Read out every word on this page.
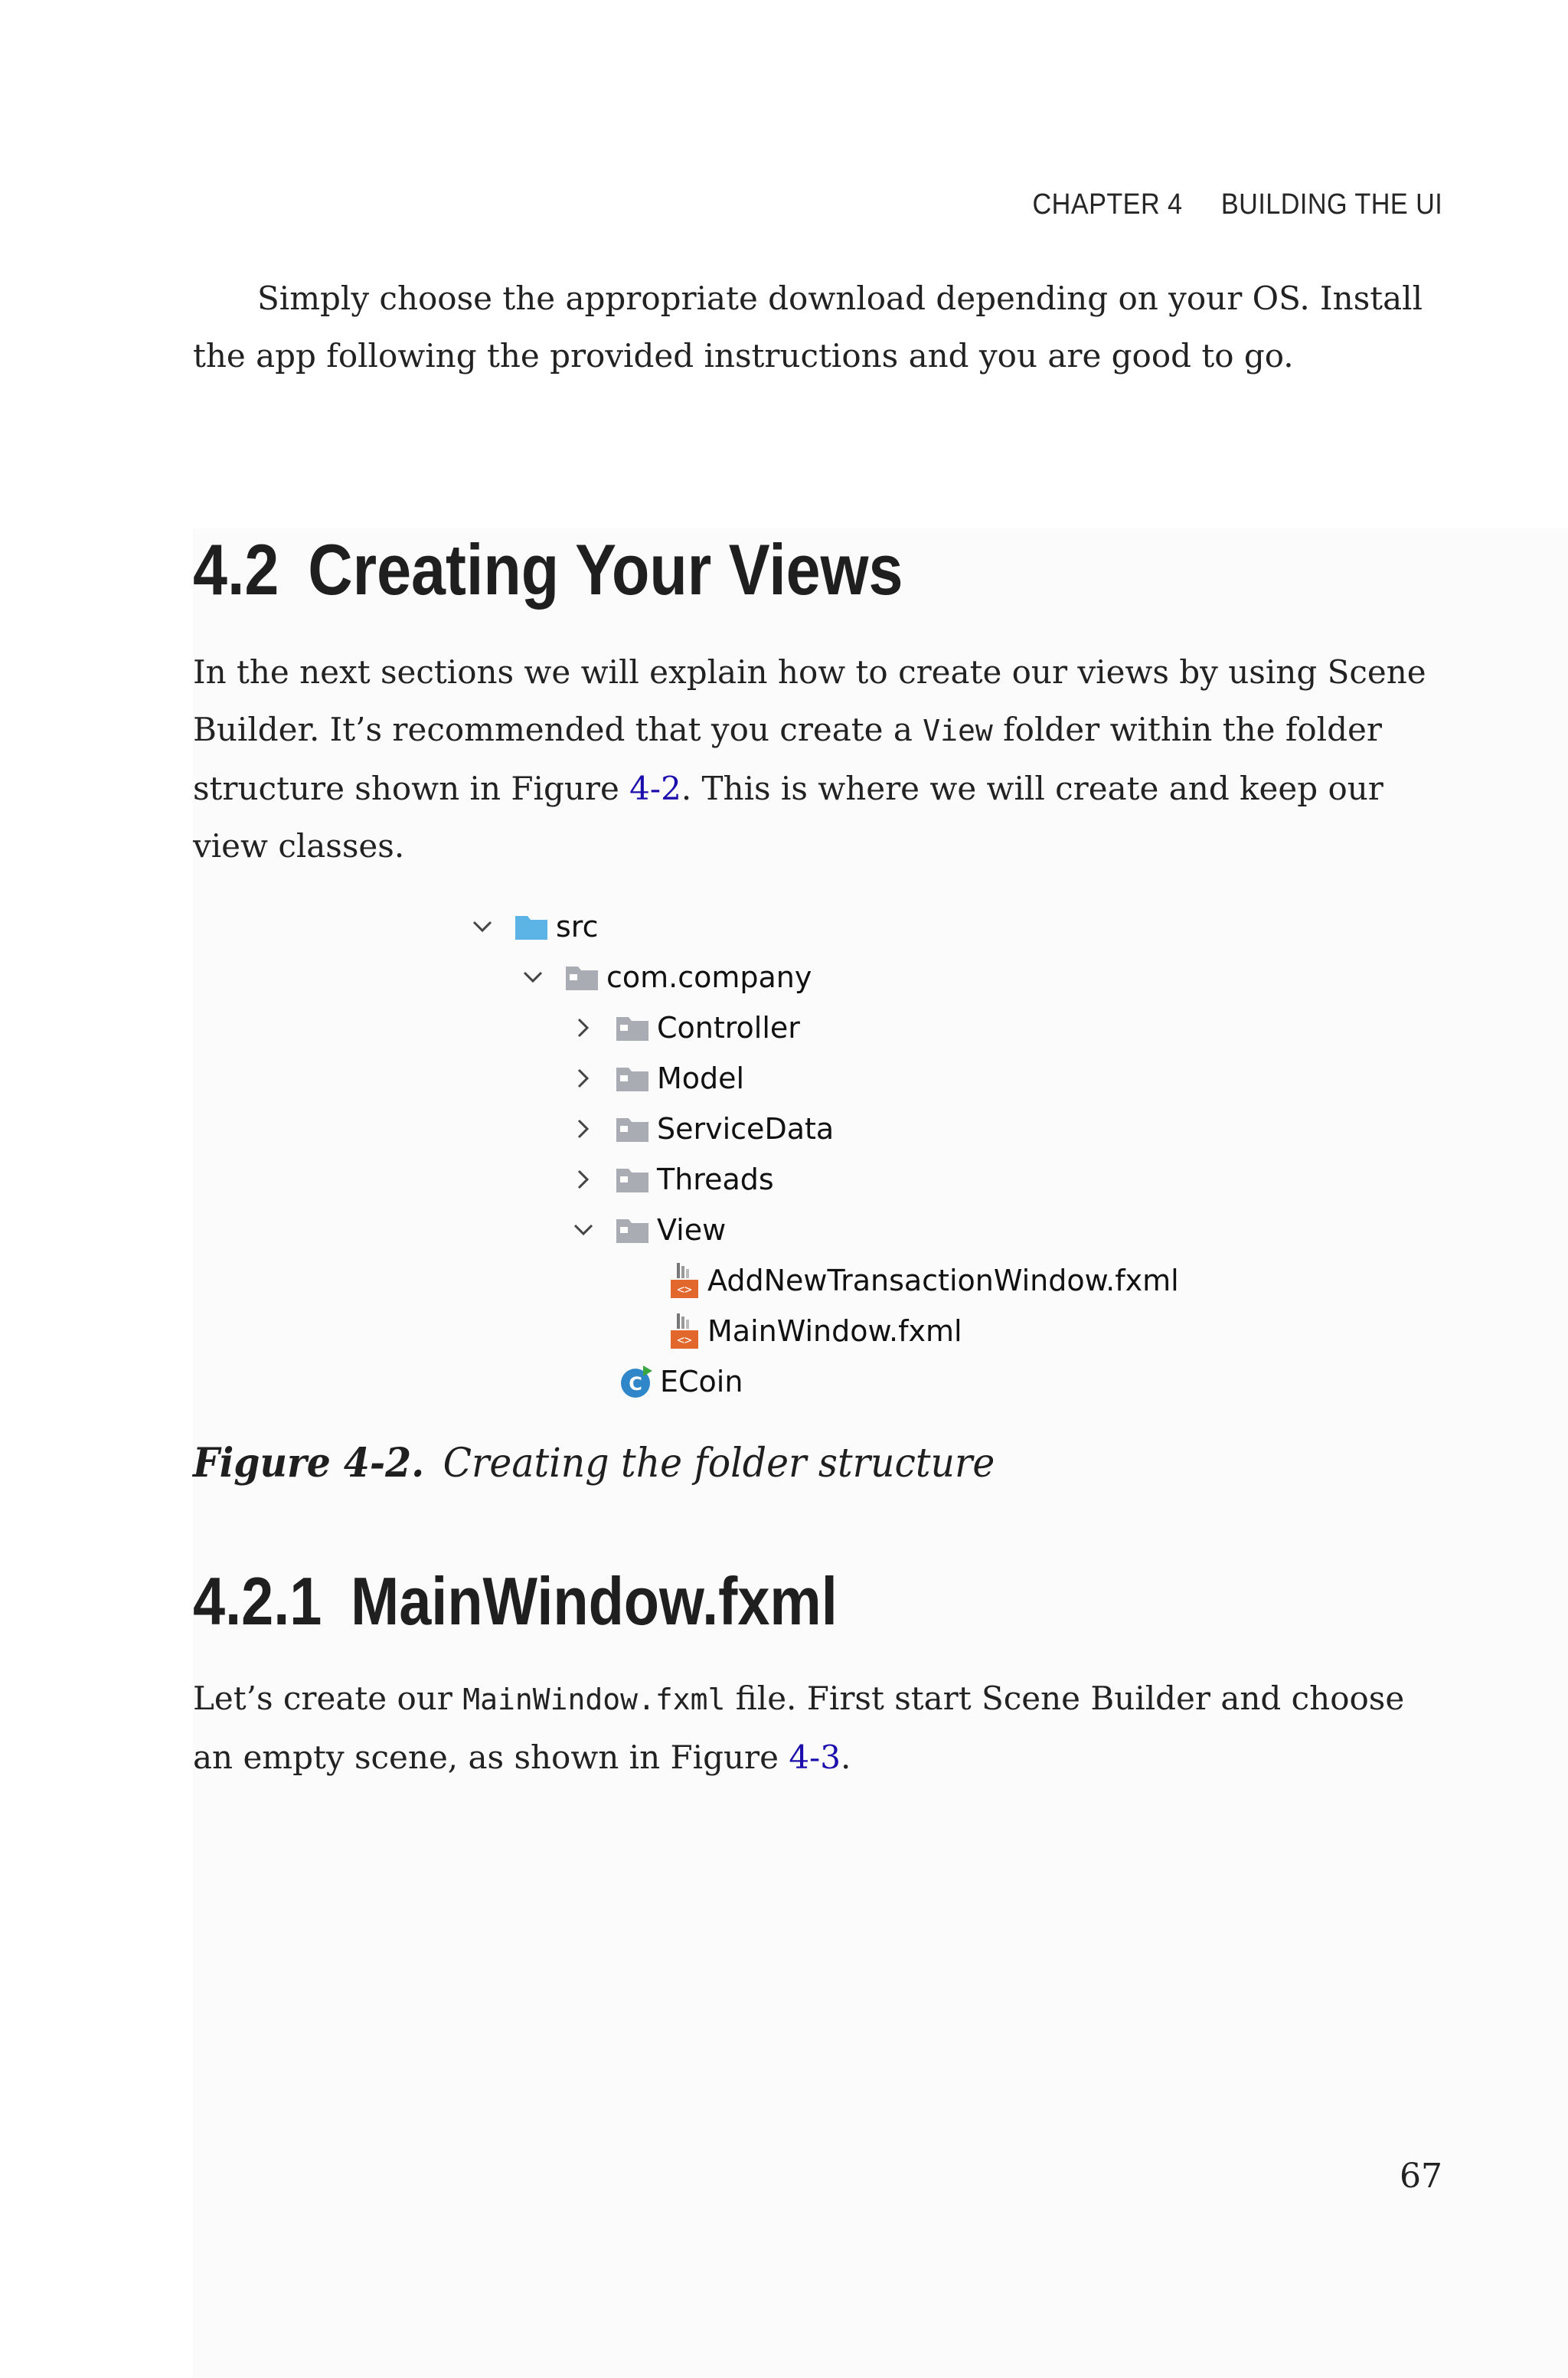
CHAPTER 4 BUILDING THE UI

Simply choose the appropriate download depending on your OS. Install the app following the provided instructions and you are good to go.

4.2 Creating Your Views

In the next sections we will explain how to create our views by using Scene Builder. It’s recommended that you create a View folder within the folder structure shown in Figure 4-2. This is where we will create and keep our view classes.

src
com.company
Controller
Model
ServiceData
Threads
View
<> AddNewTransactionWindow.fxml
<> MainWindow.fxml
C ECoin
Figure 4-2. Creating the folder structure
4.2.1 MainWindow.fxml

Let’s create our MainWindow.fxml file. First start Scene Builder and choose an empty scene, as shown in Figure 4-3.

67
